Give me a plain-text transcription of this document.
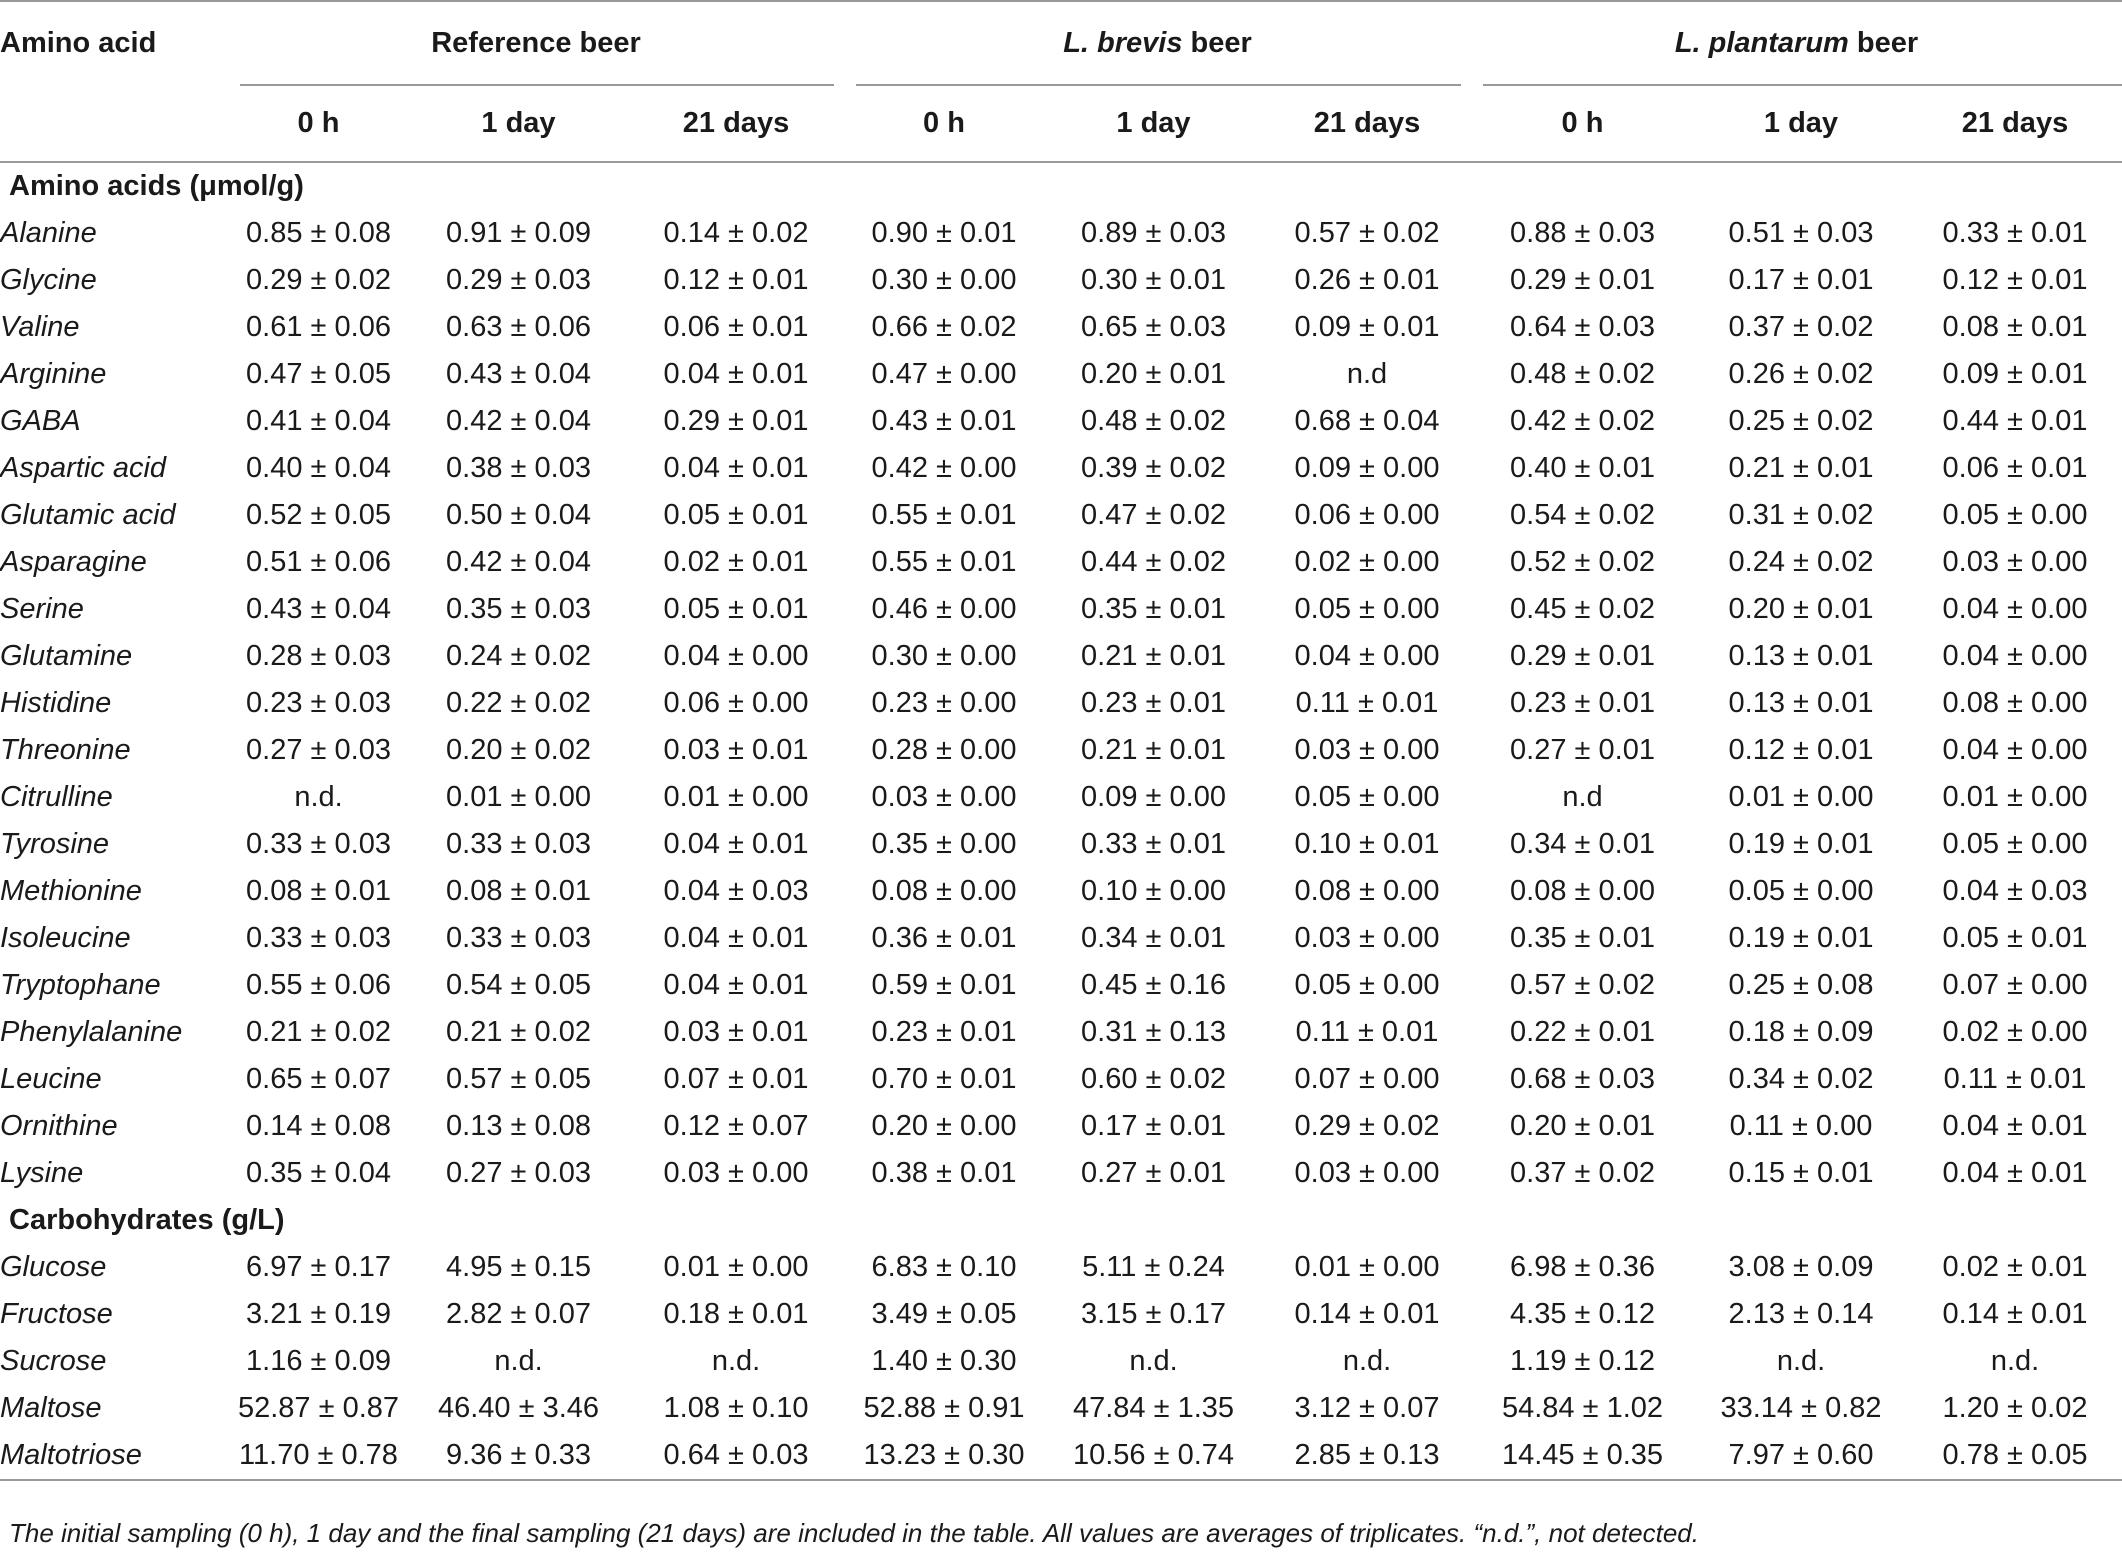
Amino acid	Reference beer			L. brevis beer			L. plantarum beer		

	0 h	1 day	21 days	0 h	1 day	21 days	0 h	1 day	21 days

Amino acids (μmol/g)									
Alanine	0.85 ± 0.08	0.91 ± 0.09	0.14 ± 0.02	0.90 ± 0.01	0.89 ± 0.03	0.57 ± 0.02	0.88 ± 0.03	0.51 ± 0.03	0.33 ± 0.01
Glycine	0.29 ± 0.02	0.29 ± 0.03	0.12 ± 0.01	0.30 ± 0.00	0.30 ± 0.01	0.26 ± 0.01	0.29 ± 0.01	0.17 ± 0.01	0.12 ± 0.01
Valine	0.61 ± 0.06	0.63 ± 0.06	0.06 ± 0.01	0.66 ± 0.02	0.65 ± 0.03	0.09 ± 0.01	0.64 ± 0.03	0.37 ± 0.02	0.08 ± 0.01
Arginine	0.47 ± 0.05	0.43 ± 0.04	0.04 ± 0.01	0.47 ± 0.00	0.20 ± 0.01	n.d	0.48 ± 0.02	0.26 ± 0.02	0.09 ± 0.01
GABA	0.41 ± 0.04	0.42 ± 0.04	0.29 ± 0.01	0.43 ± 0.01	0.48 ± 0.02	0.68 ± 0.04	0.42 ± 0.02	0.25 ± 0.02	0.44 ± 0.01
Aspartic acid	0.40 ± 0.04	0.38 ± 0.03	0.04 ± 0.01	0.42 ± 0.00	0.39 ± 0.02	0.09 ± 0.00	0.40 ± 0.01	0.21 ± 0.01	0.06 ± 0.01
Glutamic acid	0.52 ± 0.05	0.50 ± 0.04	0.05 ± 0.01	0.55 ± 0.01	0.47 ± 0.02	0.06 ± 0.00	0.54 ± 0.02	0.31 ± 0.02	0.05 ± 0.00
Asparagine	0.51 ± 0.06	0.42 ± 0.04	0.02 ± 0.01	0.55 ± 0.01	0.44 ± 0.02	0.02 ± 0.00	0.52 ± 0.02	0.24 ± 0.02	0.03 ± 0.00
Serine	0.43 ± 0.04	0.35 ± 0.03	0.05 ± 0.01	0.46 ± 0.00	0.35 ± 0.01	0.05 ± 0.00	0.45 ± 0.02	0.20 ± 0.01	0.04 ± 0.00
Glutamine	0.28 ± 0.03	0.24 ± 0.02	0.04 ± 0.00	0.30 ± 0.00	0.21 ± 0.01	0.04 ± 0.00	0.29 ± 0.01	0.13 ± 0.01	0.04 ± 0.00
Histidine	0.23 ± 0.03	0.22 ± 0.02	0.06 ± 0.00	0.23 ± 0.00	0.23 ± 0.01	0.11 ± 0.01	0.23 ± 0.01	0.13 ± 0.01	0.08 ± 0.00
Threonine	0.27 ± 0.03	0.20 ± 0.02	0.03 ± 0.01	0.28 ± 0.00	0.21 ± 0.01	0.03 ± 0.00	0.27 ± 0.01	0.12 ± 0.01	0.04 ± 0.00
Citrulline	n.d.	0.01 ± 0.00	0.01 ± 0.00	0.03 ± 0.00	0.09 ± 0.00	0.05 ± 0.00	n.d	0.01 ± 0.00	0.01 ± 0.00
Tyrosine	0.33 ± 0.03	0.33 ± 0.03	0.04 ± 0.01	0.35 ± 0.00	0.33 ± 0.01	0.10 ± 0.01	0.34 ± 0.01	0.19 ± 0.01	0.05 ± 0.00
Methionine	0.08 ± 0.01	0.08 ± 0.01	0.04 ± 0.03	0.08 ± 0.00	0.10 ± 0.00	0.08 ± 0.00	0.08 ± 0.00	0.05 ± 0.00	0.04 ± 0.03
Isoleucine	0.33 ± 0.03	0.33 ± 0.03	0.04 ± 0.01	0.36 ± 0.01	0.34 ± 0.01	0.03 ± 0.00	0.35 ± 0.01	0.19 ± 0.01	0.05 ± 0.01
Tryptophane	0.55 ± 0.06	0.54 ± 0.05	0.04 ± 0.01	0.59 ± 0.01	0.45 ± 0.16	0.05 ± 0.00	0.57 ± 0.02	0.25 ± 0.08	0.07 ± 0.00
Phenylalanine	0.21 ± 0.02	0.21 ± 0.02	0.03 ± 0.01	0.23 ± 0.01	0.31 ± 0.13	0.11 ± 0.01	0.22 ± 0.01	0.18 ± 0.09	0.02 ± 0.00
Leucine	0.65 ± 0.07	0.57 ± 0.05	0.07 ± 0.01	0.70 ± 0.01	0.60 ± 0.02	0.07 ± 0.00	0.68 ± 0.03	0.34 ± 0.02	0.11 ± 0.01
Ornithine	0.14 ± 0.08	0.13 ± 0.08	0.12 ± 0.07	0.20 ± 0.00	0.17 ± 0.01	0.29 ± 0.02	0.20 ± 0.01	0.11 ± 0.00	0.04 ± 0.01
Lysine	0.35 ± 0.04	0.27 ± 0.03	0.03 ± 0.00	0.38 ± 0.01	0.27 ± 0.01	0.03 ± 0.00	0.37 ± 0.02	0.15 ± 0.01	0.04 ± 0.01
Carbohydrates (g/L)									
Glucose	6.97 ± 0.17	4.95 ± 0.15	0.01 ± 0.00	6.83 ± 0.10	5.11 ± 0.24	0.01 ± 0.00	6.98 ± 0.36	3.08 ± 0.09	0.02 ± 0.01
Fructose	3.21 ± 0.19	2.82 ± 0.07	0.18 ± 0.01	3.49 ± 0.05	3.15 ± 0.17	0.14 ± 0.01	4.35 ± 0.12	2.13 ± 0.14	0.14 ± 0.01
Sucrose	1.16 ± 0.09	n.d.	n.d.	1.40 ± 0.30	n.d.	n.d.	1.19 ± 0.12	n.d.	n.d.
Maltose	52.87 ± 0.87	46.40 ± 3.46	1.08 ± 0.10	52.88 ± 0.91	47.84 ± 1.35	3.12 ± 0.07	54.84 ± 1.02	33.14 ± 0.82	1.20 ± 0.02
Maltotriose	11.70 ± 0.78	9.36 ± 0.33	0.64 ± 0.03	13.23 ± 0.30	10.56 ± 0.74	2.85 ± 0.13	14.45 ± 0.35	7.97 ± 0.60	0.78 ± 0.05

The initial sampling (0 h), 1 day and the final sampling (21 days) are included in the table. All values are averages of triplicates. “n.d.”, not detected.
